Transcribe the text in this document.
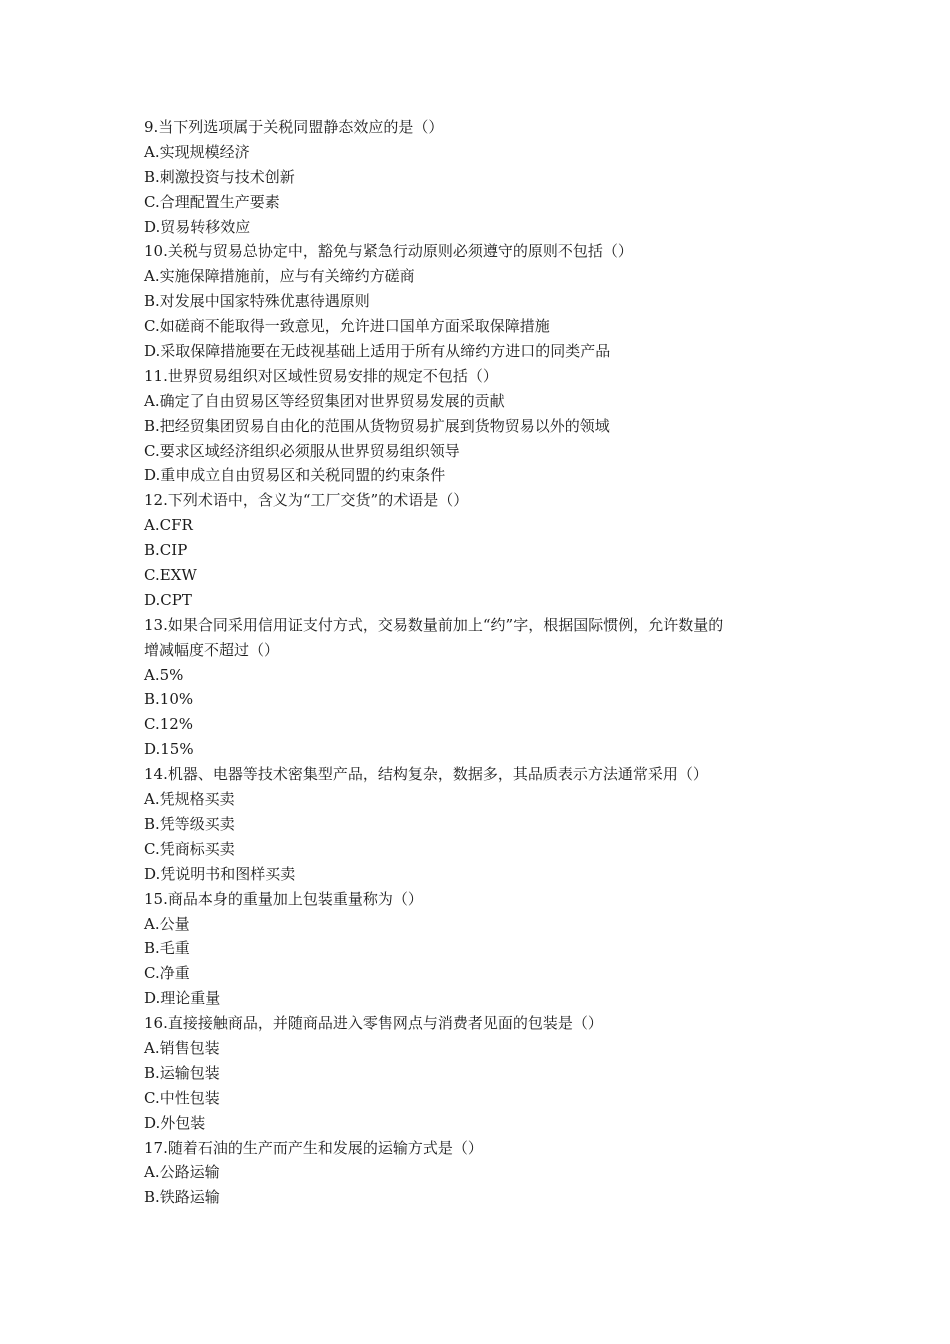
9.当下列选项属于关税同盟静态效应的是（）
A.实现规模经济
B.刺激投资与技术创新
C.合理配置生产要素
D.贸易转移效应
10.关税与贸易总协定中，豁免与紧急行动原则必须遵守的原则不包括（）
A.实施保障措施前，应与有关缔约方磋商
B.对发展中国家特殊优惠待遇原则
C.如磋商不能取得一致意见，允许进口国单方面采取保障措施
D.采取保障措施要在无歧视基础上适用于所有从缔约方进口的同类产品
11.世界贸易组织对区域性贸易安排的规定不包括（）
A.确定了自由贸易区等经贸集团对世界贸易发展的贡献
B.把经贸集团贸易自由化的范围从货物贸易扩展到货物贸易以外的领域
C.要求区域经济组织必须服从世界贸易组织领导
D.重申成立自由贸易区和关税同盟的约束条件
12.下列术语中，含义为“工厂交货”的术语是（）
A.CFR
B.CIP
C.EXW
D.CPT
13.如果合同采用信用证支付方式，交易数量前加上“约”字，根据国际惯例，允许数量的
增减幅度不超过（）
A.5%
B.10%
C.12%
D.15%
14.机器、电器等技术密集型产品，结构复杂，数据多，其品质表示方法通常采用（）
A.凭规格买卖
B.凭等级买卖
C.凭商标买卖
D.凭说明书和图样买卖
15.商品本身的重量加上包装重量称为（）
A.公量
B.毛重
C.净重
D.理论重量
16.直接接触商品，并随商品进入零售网点与消费者见面的包装是（）
A.销售包装
B.运输包装
C.中性包装
D.外包装
17.随着石油的生产而产生和发展的运输方式是（）
A.公路运输
B.铁路运输
